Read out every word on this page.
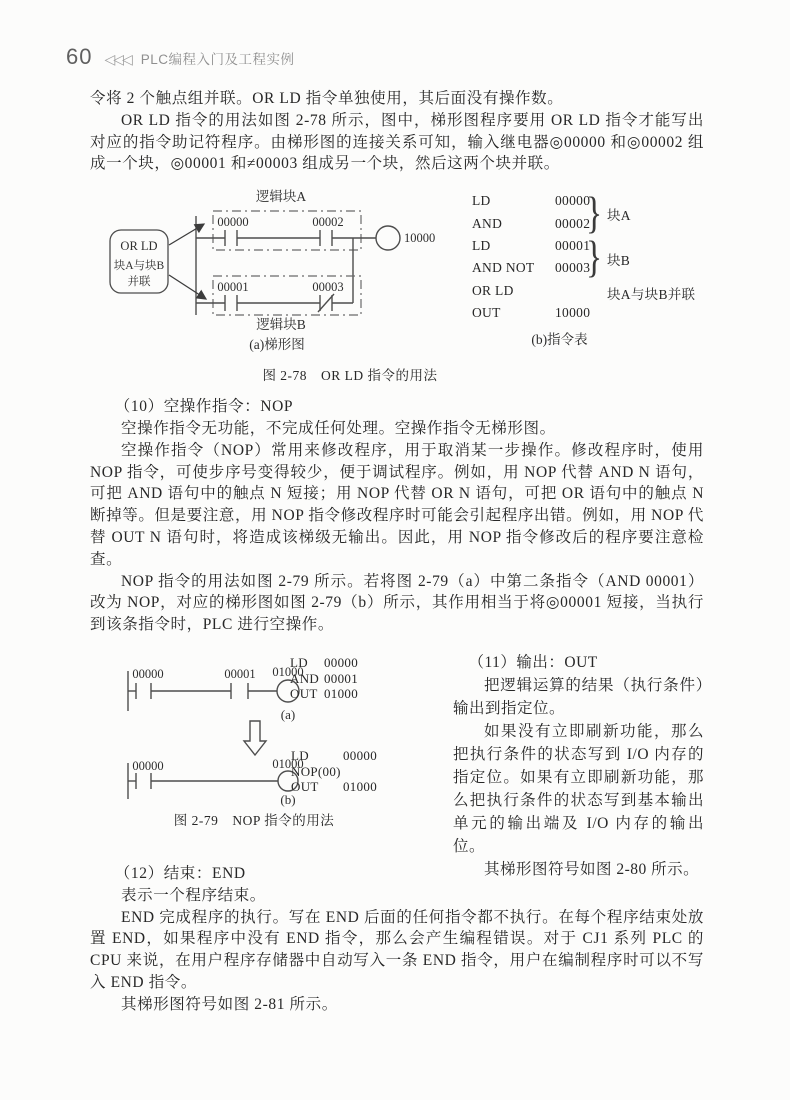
60 ◁◁◁ PLC编程入门及工程实例

令将 2 个触点组并联。OR LD 指令单独使用，其后面没有操作数。

OR LD 指令的用法如图 2-78 所示，图中，梯形图程序要用 OR LD 指令才能写出对应的指令助记符程序。由梯形图的连接关系可知，输入继电器◎00000 和◎00002 组成一个块，◎00001 和≠00003 组成另一个块，然后这两个块并联。

逻辑块A
00000	00002
10000
00001	00003
逻辑块B
OR LD
块A与块B
并联
(a)梯形图
LD	00000
AND	00002
LD	00001
AND NOT 00003
OR LD
OUT	10000
}
}
块A
块B
块A与块B并联
(b)指令表
图 2-78　OR LD 指令的用法

（10）空操作指令：NOP

空操作指令无功能，不完成任何处理。空操作指令无梯形图。

空操作指令（NOP）常用来修改程序，用于取消某一步操作。修改程序时，使用 NOP 指令，可使步序号变得较少，便于调试程序。例如，用 NOP 代替 AND N 语句，可把 AND 语句中的触点 N 短接；用 NOP 代替 OR N 语句，可把 OR 语句中的触点 N 断掉等。但是要注意，用 NOP 指令修改程序时可能会引起程序出错。例如，用 NOP 代替 OUT N 语句时，将造成该梯级无输出。因此，用 NOP 指令修改后的程序要注意检查。

NOP 指令的用法如图 2-79 所示。若将图 2-79（a）中第二条指令（AND 00001）改为 NOP，对应的梯形图如图 2-79（b）所示，其作用相当于将◎00001 短接，当执行到该条指令时，PLC 进行空操作。

00000	00001 01000
(a)
00000	01000
(b)
LD 00000
AND 00001
OUT 01000
LD	00000
NOP(00)
OUT 01000
图 2-79　NOP 指令的用法

（11）输出：OUT

把逻辑运算的结果（执行条件）输出到指定位。

如果没有立即刷新功能，那么把执行条件的状态写到 I/O 内存的指定位。如果有立即刷新功能，那么把执行条件的状态写到基本输出单元的输出端及 I/O 内存的输出位。

其梯形图符号如图 2-80 所示。

（12）结束：END

表示一个程序结束。

END 完成程序的执行。写在 END 后面的任何指令都不执行。在每个程序结束处放置 END，如果程序中没有 END 指令，那么会产生编程错误。对于 CJ1 系列 PLC 的 CPU 来说，在用户程序存储器中自动写入一条 END 指令，用户在编制程序时可以不写入 END 指令。

其梯形图符号如图 2-81 所示。
